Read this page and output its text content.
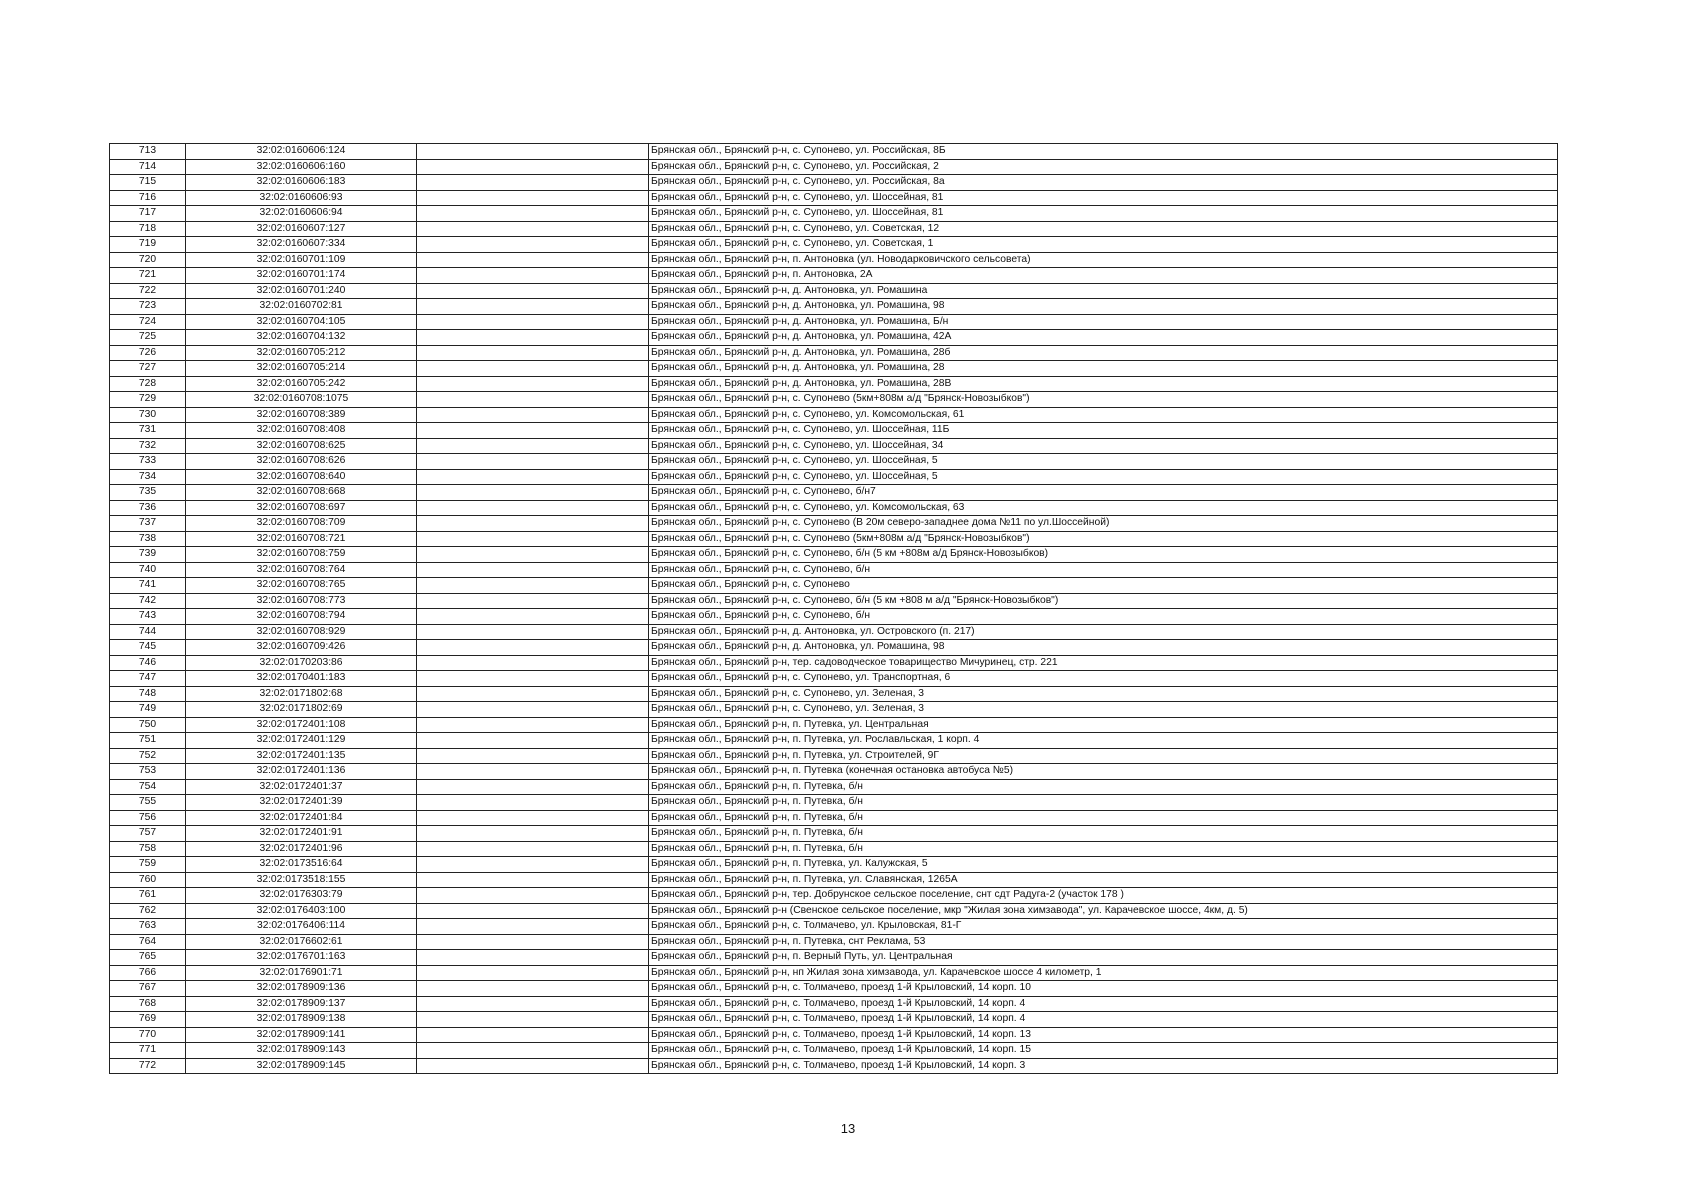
713	32:02:0160606:124		Брянская обл., Брянский р-н, с. Супонево, ул. Российская, 8Б
714	32:02:0160606:160		Брянская обл., Брянский р-н, с. Супонево, ул. Российская, 2
715	32:02:0160606:183		Брянская обл., Брянский р-н, с. Супонево, ул. Российская, 8а
716	32:02:0160606:93		Брянская обл., Брянский р-н, с. Супонево, ул. Шоссейная, 81
717	32:02:0160606:94		Брянская обл., Брянский р-н, с. Супонево, ул. Шоссейная, 81
718	32:02:0160607:127		Брянская обл., Брянский р-н, с. Супонево, ул. Советская, 12
719	32:02:0160607:334		Брянская обл., Брянский р-н, с. Супонево, ул. Советская, 1
720	32:02:0160701:109		Брянская обл., Брянский р-н, п. Антоновка (ул. Новодарковичского сельсовета)
721	32:02:0160701:174		Брянская обл., Брянский р-н, п. Антоновка, 2А
722	32:02:0160701:240		Брянская обл., Брянский р-н, д. Антоновка, ул. Ромашина
723	32:02:0160702:81		Брянская обл., Брянский р-н, д. Антоновка, ул. Ромашина, 98
724	32:02:0160704:105		Брянская обл., Брянский р-н, д. Антоновка, ул. Ромашина, Б/н
725	32:02:0160704:132		Брянская обл., Брянский р-н, д. Антоновка, ул. Ромашина, 42А
726	32:02:0160705:212		Брянская обл., Брянский р-н, д. Антоновка, ул. Ромашина, 28б
727	32:02:0160705:214		Брянская обл., Брянский р-н, д. Антоновка, ул. Ромашина, 28
728	32:02:0160705:242		Брянская обл., Брянский р-н, д. Антоновка, ул. Ромашина, 28В
729	32:02:0160708:1075		Брянская обл., Брянский р-н, с. Супонево (5км+808м а/д "Брянск-Новозыбков")
730	32:02:0160708:389		Брянская обл., Брянский р-н, с. Супонево, ул. Комсомольская, 61
731	32:02:0160708:408		Брянская обл., Брянский р-н, с. Супонево, ул. Шоссейная, 11Б
732	32:02:0160708:625		Брянская обл., Брянский р-н, с. Супонево, ул. Шоссейная, 34
733	32:02:0160708:626		Брянская обл., Брянский р-н, с. Супонево, ул. Шоссейная, 5
734	32:02:0160708:640		Брянская обл., Брянский р-н, с. Супонево, ул. Шоссейная, 5
735	32:02:0160708:668		Брянская обл., Брянский р-н, с. Супонево, б/н7
736	32:02:0160708:697		Брянская обл., Брянский р-н, с. Супонево, ул. Комсомольская, 63
737	32:02:0160708:709		Брянская обл., Брянский р-н, с. Супонево (В 20м северо-западнее дома №11 по ул.Шоссейной)
738	32:02:0160708:721		Брянская обл., Брянский р-н, с. Супонево (5км+808м а/д "Брянск-Новозыбков")
739	32:02:0160708:759		Брянская обл., Брянский р-н, с. Супонево, б/н (5 км +808м а/д Брянск-Новозыбков)
740	32:02:0160708:764		Брянская обл., Брянский р-н, с. Супонево, б/н
741	32:02:0160708:765		Брянская обл., Брянский р-н, с. Супонево
742	32:02:0160708:773		Брянская обл., Брянский р-н, с. Супонево, б/н (5 км +808 м а/д "Брянск-Новозыбков")
743	32:02:0160708:794		Брянская обл., Брянский р-н, с. Супонево, б/н
744	32:02:0160708:929		Брянская обл., Брянский р-н, д. Антоновка, ул. Островского (п. 217)
745	32:02:0160709:426		Брянская обл., Брянский р-н, д. Антоновка, ул. Ромашина, 98
746	32:02:0170203:86		Брянская обл., Брянский р-н, тер. садоводческое товарищество Мичуринец, стр. 221
747	32:02:0170401:183		Брянская обл., Брянский р-н, с. Супонево, ул. Транспортная, 6
748	32:02:0171802:68		Брянская обл., Брянский р-н, с. Супонево, ул. Зеленая, 3
749	32:02:0171802:69		Брянская обл., Брянский р-н, с. Супонево, ул. Зеленая, 3
750	32:02:0172401:108		Брянская обл., Брянский р-н, п. Путевка, ул. Центральная
751	32:02:0172401:129		Брянская обл., Брянский р-н, п. Путевка, ул. Рославльская, 1 корп. 4
752	32:02:0172401:135		Брянская обл., Брянский р-н, п. Путевка, ул. Строителей, 9Г
753	32:02:0172401:136		Брянская обл., Брянский р-н, п. Путевка (конечная остановка автобуса №5)
754	32:02:0172401:37		Брянская обл., Брянский р-н, п. Путевка, б/н
755	32:02:0172401:39		Брянская обл., Брянский р-н, п. Путевка, б/н
756	32:02:0172401:84		Брянская обл., Брянский р-н, п. Путевка, б/н
757	32:02:0172401:91		Брянская обл., Брянский р-н, п. Путевка, б/н
758	32:02:0172401:96		Брянская обл., Брянский р-н, п. Путевка, б/н
759	32:02:0173516:64		Брянская обл., Брянский р-н, п. Путевка, ул. Калужская, 5
760	32:02:0173518:155		Брянская обл., Брянский р-н, п. Путевка, ул. Славянская, 1265А
761	32:02:0176303:79		Брянская обл., Брянский р-н, тер. Добрунское сельское поселение, снт сдт Радуга-2 (участок 178 )
762	32:02:0176403:100		Брянская обл., Брянский р-н (Свенское сельское поселение, мкр "Жилая зона химзавода", ул. Карачевское шоссе, 4км, д. 5)
763	32:02:0176406:114		Брянская обл., Брянский р-н, с. Толмачево, ул. Крыловская, 81-Г
764	32:02:0176602:61		Брянская обл., Брянский р-н, п. Путевка, снт Реклама, 53
765	32:02:0176701:163		Брянская обл., Брянский р-н, п. Верный Путь, ул. Центральная
766	32:02:0176901:71		Брянская обл., Брянский р-н, нп Жилая зона химзавода, ул. Карачевское шоссе 4 километр, 1
767	32:02:0178909:136		Брянская обл., Брянский р-н, с. Толмачево, проезд 1-й Крыловский, 14 корп. 10
768	32:02:0178909:137		Брянская обл., Брянский р-н, с. Толмачево, проезд 1-й Крыловский, 14 корп. 4
769	32:02:0178909:138		Брянская обл., Брянский р-н, с. Толмачево, проезд 1-й Крыловский, 14 корп. 4
770	32:02:0178909:141		Брянская обл., Брянский р-н, с. Толмачево, проезд 1-й Крыловский, 14 корп. 13
771	32:02:0178909:143		Брянская обл., Брянский р-н, с. Толмачево, проезд 1-й Крыловский, 14 корп. 15
772	32:02:0178909:145		Брянская обл., Брянский р-н, с. Толмачево, проезд 1-й Крыловский, 14 корп. 3
13
